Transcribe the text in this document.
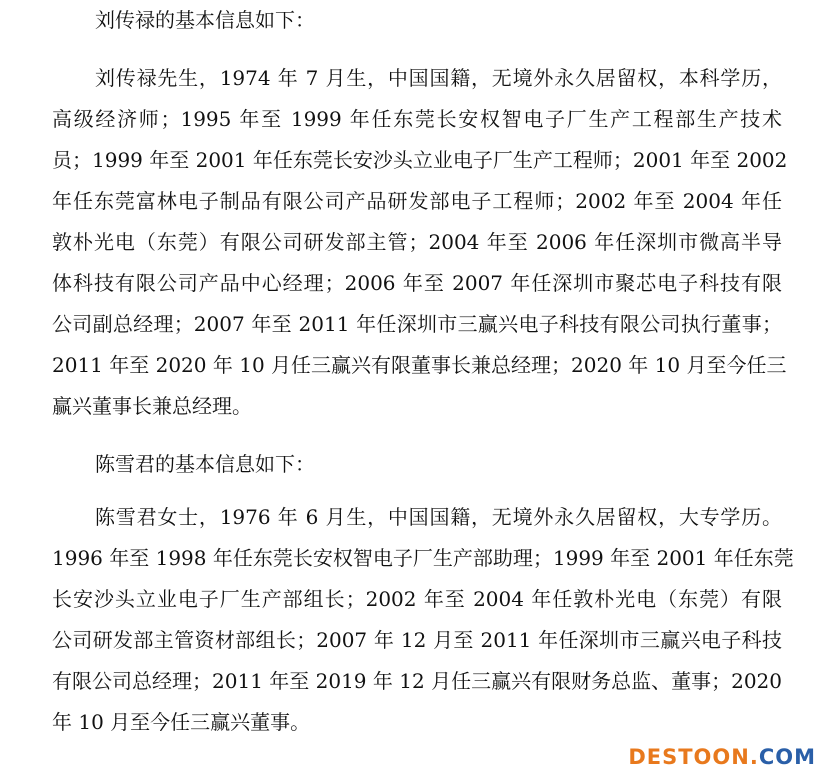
刘传禄的基本信息如下：
刘传禄先生，1974 年 7 月生，中国国籍，无境外永久居留权，本科学历，
高级经济师；1995 年至 1999 年任东莞长安权智电子厂生产工程部生产技术
员；1999 年至 2001 年任东莞长安沙头立业电子厂生产工程师；2001 年至 2002
年任东莞富林电子制品有限公司产品研发部电子工程师；2002 年至 2004 年任
敦朴光电（东莞）有限公司研发部主管；2004 年至 2006 年任深圳市微高半导
体科技有限公司产品中心经理；2006 年至 2007 年任深圳市聚芯电子科技有限
公司副总经理；2007 年至 2011 年任深圳市三赢兴电子科技有限公司执行董事；
2011 年至 2020 年 10 月任三赢兴有限董事长兼总经理；2020 年 10 月至今任三
赢兴董事长兼总经理。
陈雪君的基本信息如下：
陈雪君女士，1976 年 6 月生，中国国籍，无境外永久居留权，大专学历。
1996 年至 1998 年任东莞长安权智电子厂生产部助理；1999 年至 2001 年任东莞
长安沙头立业电子厂生产部组长；2002 年至 2004 年任敦朴光电（东莞）有限
公司研发部主管资材部组长；2007 年 12 月至 2011 年任深圳市三赢兴电子科技
有限公司总经理；2011 年至 2019 年 12 月任三赢兴有限财务总监、董事；2020
年 10 月至今任三赢兴董事。
DESTOON.COM
